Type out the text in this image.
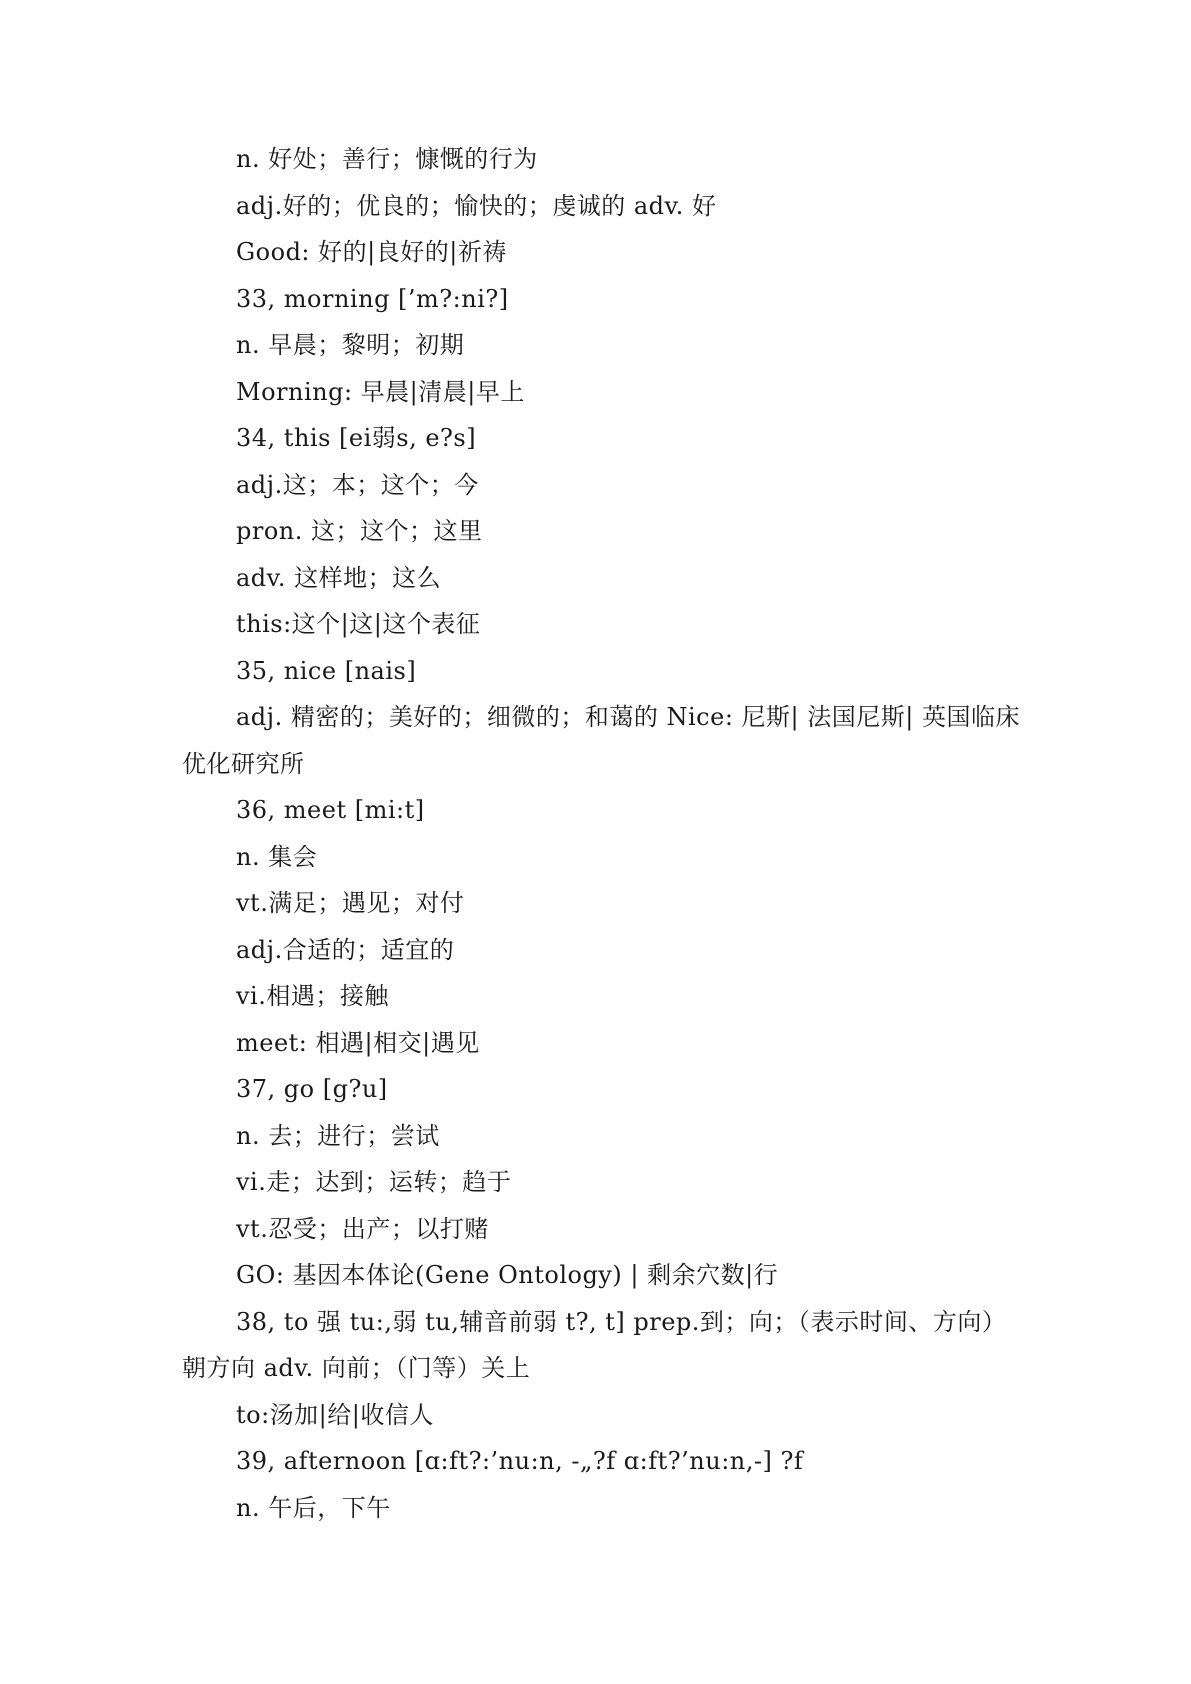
n. 好处；善行；慷慨的行为
adj.好的；优良的；愉快的；虔诚的 adv. 好
Good: 好的|良好的|祈祷
33, morning [’m?:ni?]
n. 早晨；黎明；初期
Morning: 早晨|清晨|早上
34, this [ei弱s, e?s]
adj.这；本；这个；今
pron. 这；这个；这里
adv. 这样地；这么
this:这个|这|这个表征
35, nice [nais]
adj. 精密的；美好的；细微的；和蔼的 Nice: 尼斯| 法国尼斯| 英国临床优化研究所
36, meet [mi:t]
n. 集会
vt.满足；遇见；对付
adj.合适的；适宜的
vi.相遇；接触
meet: 相遇|相交|遇见
37, go [g?u]
n. 去；进行；尝试
vi.走；达到；运转；趋于
vt.忍受；出产；以打赌
GO: 基因本体论(Gene Ontology) | 剩余穴数|行
38, to 强 tu:,弱 tu,辅音前弱 t?, t] prep.到；向；（表示时间、方向）朝方向 adv. 向前；（门等）关上
to:汤加|给|收信人
39, afternoon [ɑ:ft?:’nu:n, -„?f ɑ:ft?’nu:n,-] ?f
n. 午后，下午
